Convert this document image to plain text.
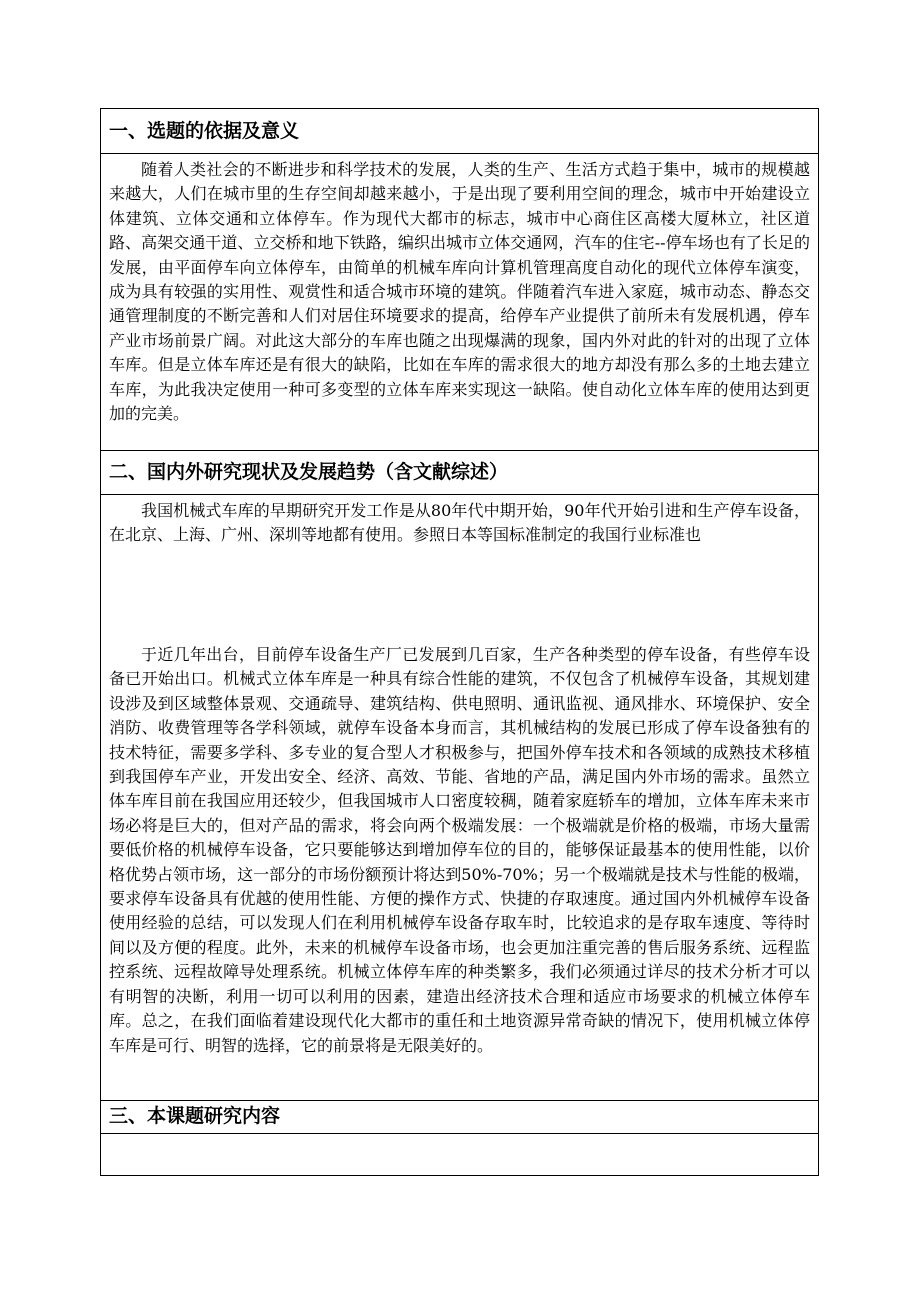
一、选题的依据及意义
随着人类社会的不断进步和科学技术的发展，人类的生产、生活方式趋于集中，城市的规模越来越大，人们在城市里的生存空间却越来越小，于是出现了要利用空间的理念，城市中开始建设立体建筑、立体交通和立体停车。作为现代大都市的标志，城市中心商住区高楼大厦林立，社区道路、高架交通干道、立交桥和地下铁路，编织出城市立体交通网，汽车的住宅--停车场也有了长足的发展，由平面停车向立体停车，由简单的机械车库向计算机管理高度自动化的现代立体停车演变，成为具有较强的实用性、观赏性和适合城市环境的建筑。伴随着汽车进入家庭，城市动态、静态交通管理制度的不断完善和人们对居住环境要求的提高，给停车产业提供了前所未有发展机遇，停车产业市场前景广阔。对此这大部分的车库也随之出现爆满的现象，国内外对此的针对的出现了立体车库。但是立体车库还是有很大的缺陷，比如在车库的需求很大的地方却没有那么多的土地去建立车库，为此我决定使用一种可多变型的立体车库来实现这一缺陷。使自动化立体车库的使用达到更加的完美。
二、国内外研究现状及发展趋势（含文献综述）
我国机械式车库的早期研究开发工作是从80年代中期开始，90年代开始引进和生产停车设备，在北京、上海、广州、深圳等地都有使用。参照日本等国标准制定的我国行业标准也
于近几年出台，目前停车设备生产厂已发展到几百家，生产各种类型的停车设备，有些停车设备已开始出口。机械式立体车库是一种具有综合性能的建筑，不仅包含了机械停车设备，其规划建设涉及到区域整体景观、交通疏导、建筑结构、供电照明、通讯监视、通风排水、环境保护、安全消防、收费管理等各学科领域，就停车设备本身而言，其机械结构的发展已形成了停车设备独有的技术特征，需要多学科、多专业的复合型人才积极参与，把国外停车技术和各领域的成熟技术移植到我国停车产业，开发出安全、经济、高效、节能、省地的产品，满足国内外市场的需求。虽然立体车库目前在我国应用还较少，但我国城市人口密度较稠，随着家庭轿车的增加，立体车库未来市场必将是巨大的，但对产品的需求，将会向两个极端发展：一个极端就是价格的极端，市场大量需要低价格的机械停车设备，它只要能够达到增加停车位的目的，能够保证最基本的使用性能，以价格优势占领市场，这一部分的市场份额预计将达到50%-70%；另一个极端就是技术与性能的极端，要求停车设备具有优越的使用性能、方便的操作方式、快捷的存取速度。通过国内外机械停车设备使用经验的总结，可以发现人们在利用机械停车设备存取车时，比较追求的是存取车速度、等待时间以及方便的程度。此外，未来的机械停车设备市场，也会更加注重完善的售后服务系统、远程监控系统、远程故障导处理系统。机械立体停车库的种类繁多，我们必须通过详尽的技术分析才可以有明智的决断，利用一切可以利用的因素，建造出经济技术合理和适应市场要求的机械立体停车库。总之，在我们面临着建设现代化大都市的重任和土地资源异常奇缺的情况下，使用机械立体停车库是可行、明智的选择，它的前景将是无限美好的。
三、本课题研究内容
